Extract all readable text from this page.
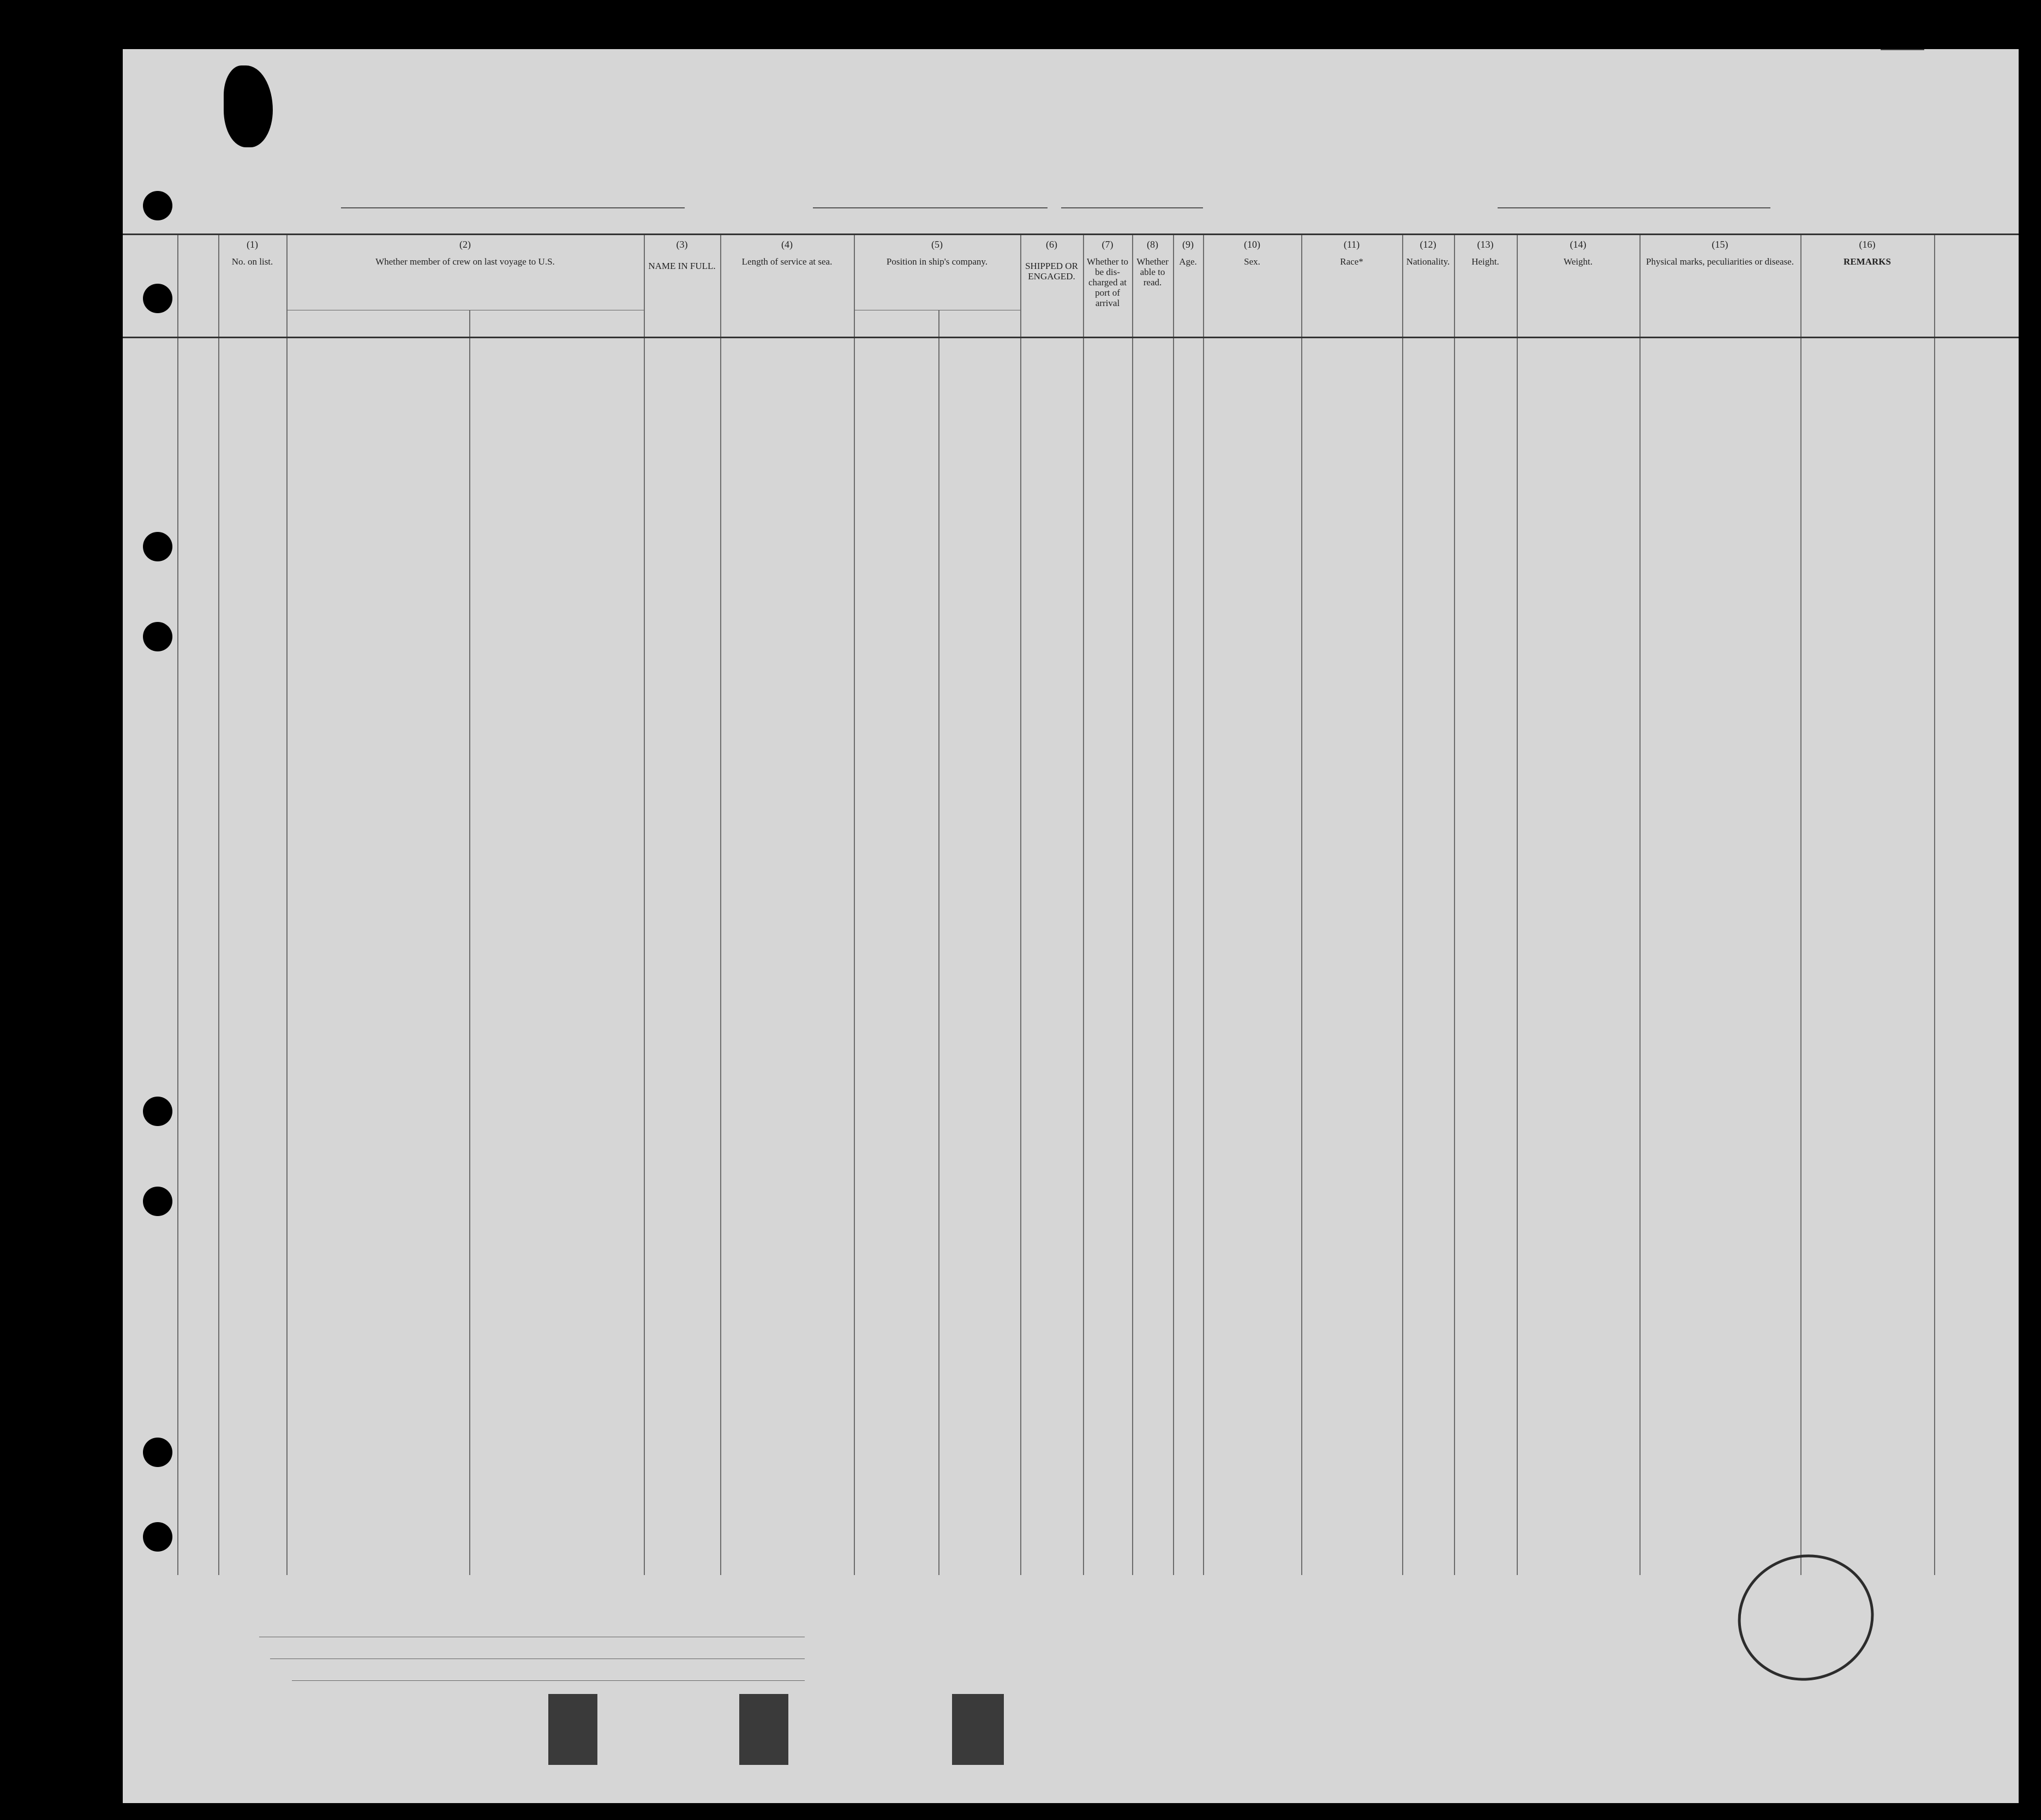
(1)
No. on list.
(2)
Whether member of crew on last voyage to U.S.
(3)
NAME IN FULL.
(4)
Length of service at sea.
(5)
Position in ship's company.
(6)
SHIPPED OR ENGAGED.
(7)
Whether to be dis-charged at port of arrival
(8)
Whether able to read.
(9)
Age.
(10)
Sex.
(11)
Race*
(12)
Nationality.
(13)
Height.
(14)
Weight.
(15)
Physical marks, peculiarities or disease.
(16)
REMARKS
